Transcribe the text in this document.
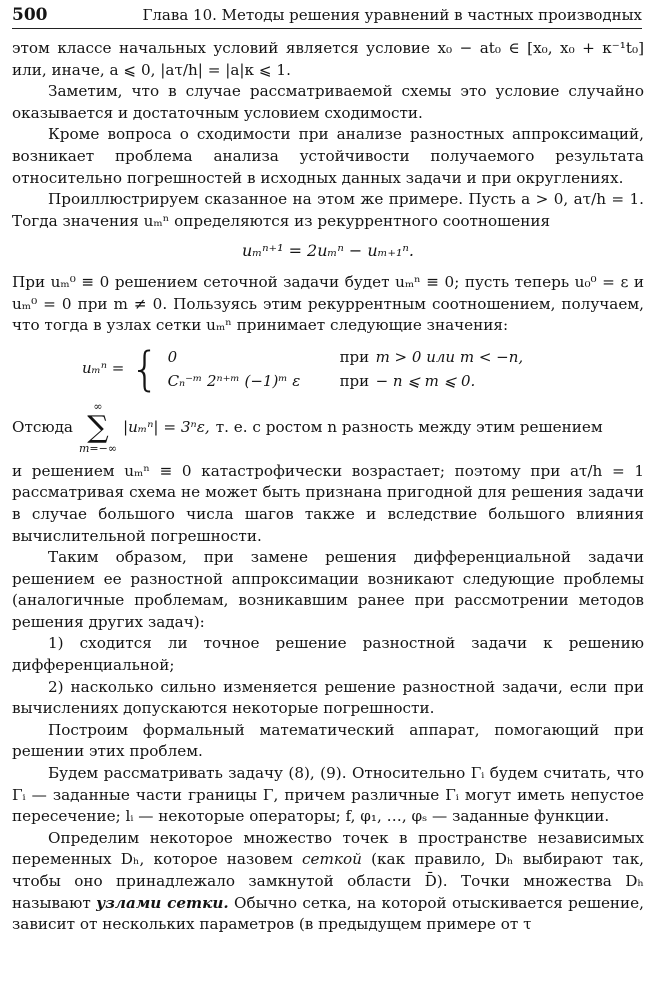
500	Глава 10. Методы решения уравнений в частных производных

этом классе начальных условий является условие x₀ − at₀ ∈ [x₀, x₀ + κ⁻¹t₀] или, иначе, a ⩽ 0, |aτ/h| = |a|κ ⩽ 1.

Заметим, что в случае рассматриваемой схемы это условие случайно оказывается и достаточным условием сходимости.

Кроме вопроса о сходимости при анализе разностных аппроксимаций, возникает проблема анализа устойчивости получаемого результата относительно погрешностей в исходных данных задачи и при округлениях.

Проиллюстрируем сказанное на этом же примере. Пусть a > 0, aτ/h = 1. Тогда значения uₘⁿ определяются из рекуррентного соотношения

uₘⁿ⁺¹ = 2uₘⁿ − uₘ₊₁ⁿ.

При uₘ⁰ ≡ 0 решением сеточной задачи будет uₘⁿ ≡ 0; пусть теперь u₀⁰ = ε и uₘ⁰ = 0 при m ≠ 0. Пользуясь этим рекуррентным соотношением, получаем, что тогда в узлах сетки uₘⁿ принимает следующие значения:

uₘⁿ = { 0	при m > 0 или m < −n,
Cₙ⁻ᵐ 2ⁿ⁺ᵐ (−1)ᵐ ε	при − n ⩽ m ⩽ 0.
Отсюда
∞
∑
m=−∞
|uₘⁿ| = 3ⁿε, т. е. с ростом n разность между этим решением

и решением uₘⁿ ≡ 0 катастрофически возрастает; поэтому при aτ/h = 1 рассматривая схема не может быть признана пригодной для решения задачи в случае большого числа шагов также и вследствие большого влияния вычислительной погрешности.

Таким образом, при замене решения дифференциальной задачи решением ее разностной аппроксимации возникают следующие проблемы (аналогичные проблемам, возникавшим ранее при рассмотрении методов решения других задач):

1) сходится ли точное решение разностной задачи к решению дифференциальной;

2) насколько сильно изменяется решение разностной задачи, если при вычислениях допускаются некоторые погрешности.

Построим формальный математический аппарат, помогающий при решении этих проблем.

Будем рассматривать задачу (8), (9). Относительно Γᵢ будем считать, что Γᵢ — заданные части границы Γ, причем различные Γᵢ могут иметь непустое пересечение; lᵢ — некоторые операторы; f, φ₁, …, φₛ — заданные функции.

Определим некоторое множество точек в пространстве независимых переменных Dₕ, которое назовем сеткой (как правило, Dₕ выбирают так, чтобы оно принадлежало замкнутой области D̄). Точки множества Dₕ называют узлами сетки. Обычно сетка, на которой отыскивается решение, зависит от нескольких параметров (в предыдущем примере от τ
